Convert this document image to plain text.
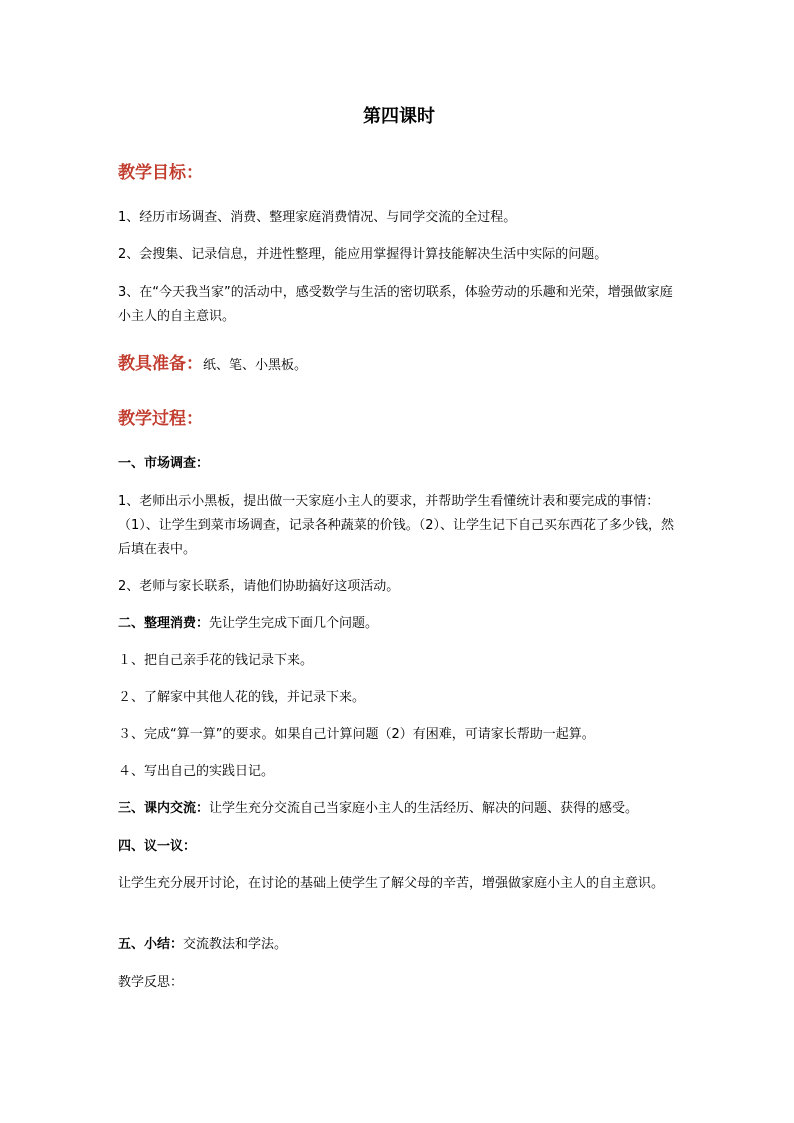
第四课时
教学目标：
1、经历市场调查、消费、整理家庭消费情况、与同学交流的全过程。
2、会搜集、记录信息，并进性整理，能应用掌握得计算技能解决生活中实际的问题。
3、在“今天我当家”的活动中，感受数学与生活的密切联系，体验劳动的乐趣和光荣，增强做家庭小主人的自主意识。
教具准备：纸、笔、小黑板。
教学过程：
一、市场调查：
1、老师出示小黑板，提出做一天家庭小主人的要求，并帮助学生看懂统计表和要完成的事情：（1）、让学生到菜市场调查，记录各种蔬菜的价钱。（2）、让学生记下自己买东西花了多少钱，然后填在表中。
2、老师与家长联系，请他们协助搞好这项活动。
二、整理消费：先让学生完成下面几个问题。
１、把自己亲手花的钱记录下来。
２、了解家中其他人花的钱，并记录下来。
３、完成“算一算”的要求。如果自己计算问题（2）有困难，可请家长帮助一起算。
４、写出自己的实践日记。
三、课内交流：让学生充分交流自己当家庭小主人的生活经历、解决的问题、获得的感受。
四、议一议：
让学生充分展开讨论，在讨论的基础上使学生了解父母的辛苦，增强做家庭小主人的自主意识。
五、小结：交流教法和学法。
教学反思：
